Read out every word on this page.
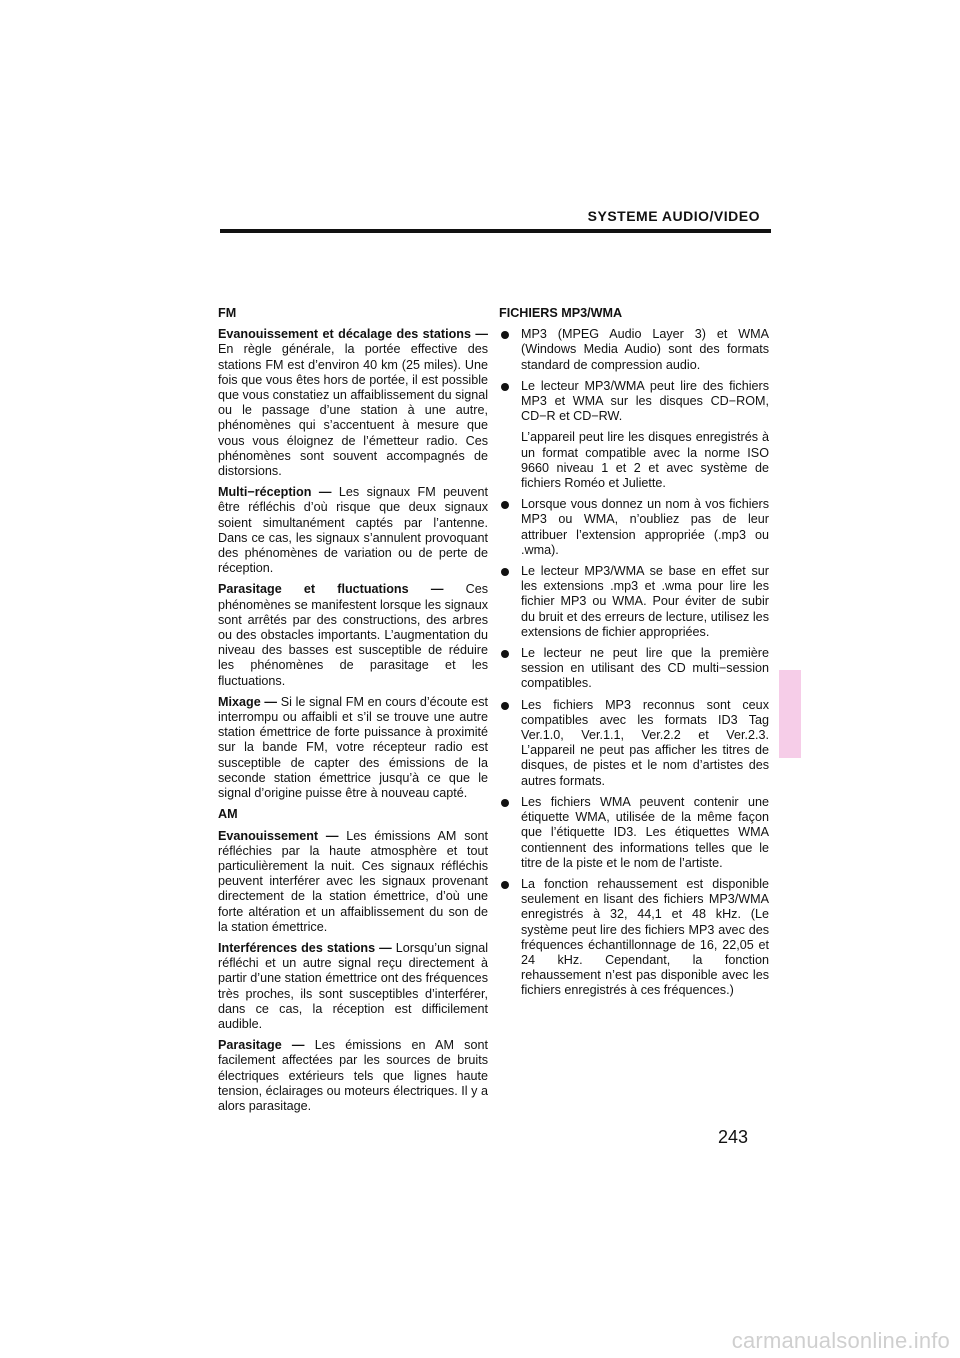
SYSTEME AUDIO/VIDEO
FM

Evanouissement et décalage des stations — En règle générale, la portée effective des stations FM est d’environ 40 km (25 miles). Une fois que vous êtes hors de portée, il est possible que vous constatiez un affaiblissement du signal ou le passage d’une station à une autre, phénomènes qui s’accentuent à mesure que vous vous éloignez de l’émetteur radio. Ces phénomènes sont souvent accompagnés de distorsions.

Multi−réception — Les signaux FM peuvent être réfléchis d’où risque que deux signaux soient simultanément captés par l’antenne. Dans ce cas, les signaux s’annulent provoquant des phénomènes de variation ou de perte de réception.

Parasitage et fluctuations — Ces phénomènes se manifestent lorsque les signaux sont arrêtés par des constructions, des arbres ou des obstacles importants. L’augmentation du niveau des basses est susceptible de réduire les phénomènes de parasitage et les fluctuations.

Mixage — Si le signal FM en cours d’écoute est interrompu ou affaibli et s’il se trouve une autre station émettrice de forte puissance à proximité sur la bande FM, votre récepteur radio est susceptible de capter des émissions de la seconde station émettrice jusqu’à ce que le signal d’origine puisse être à nouveau capté.

AM

Evanouissement — Les émissions AM sont réfléchies par la haute atmosphère et tout particulièrement la nuit. Ces signaux réfléchis peuvent interférer avec les signaux provenant directement de la station émettrice, d’où une forte altération et un affaiblissement du son de la station émettrice.

Interférences des stations — Lorsqu’un signal réfléchi et un autre signal reçu directement à partir d’une station émettrice ont des fréquences très proches, ils sont susceptibles d’interférer, dans ce cas, la réception est difficilement audible.

Parasitage — Les émissions en AM sont facilement affectées par les sources de bruits électriques extérieurs tels que lignes haute tension, éclairages ou moteurs électriques. Il y a alors parasitage.

FICHIERS MP3/WMA
MP3 (MPEG Audio Layer 3) et WMA (Windows Media Audio) sont des formats standard de compression audio.
Le lecteur MP3/WMA peut lire des fichiers MP3 et WMA sur les disques CD−ROM, CD−R et CD−RW.

L’appareil peut lire les disques enregistrés à un format compatible avec la norme ISO 9660 niveau 1 et 2 et avec système de fichiers Roméo et Juliette.

Lorsque vous donnez un nom à vos fichiers MP3 ou WMA, n’oubliez pas de leur attribuer l’extension appropriée (.mp3 ou .wma).
Le lecteur MP3/WMA se base en effet sur les extensions .mp3 et .wma pour lire les fichier MP3 ou WMA. Pour éviter de subir du bruit et des erreurs de lecture, utilisez les extensions de fichier appropriées.
Le lecteur ne peut lire que la première session en utilisant des CD multi−session compatibles.
Les fichiers MP3 reconnus sont ceux compatibles avec les formats ID3 Tag Ver.1.0, Ver.1.1, Ver.2.2 et Ver.2.3. L’appareil ne peut pas afficher les titres de disques, de pistes et le nom d’artistes des autres formats.
Les fichiers WMA peuvent contenir une étiquette WMA, utilisée de la même façon que l’étiquette ID3. Les étiquettes WMA contiennent des informations telles que le titre de la piste et le nom de l’artiste.
La fonction rehaussement est disponible seulement en lisant des fichiers MP3/WMA enregistrés à 32, 44,1 et 48 kHz. (Le système peut lire des fichiers MP3 avec des fréquences échantillonnage de 16, 22,05 et 24 kHz. Cependant, la fonction rehaussement n’est pas disponible avec les fichiers enregistrés à ces fréquences.)
243
carmanualsonline.info
